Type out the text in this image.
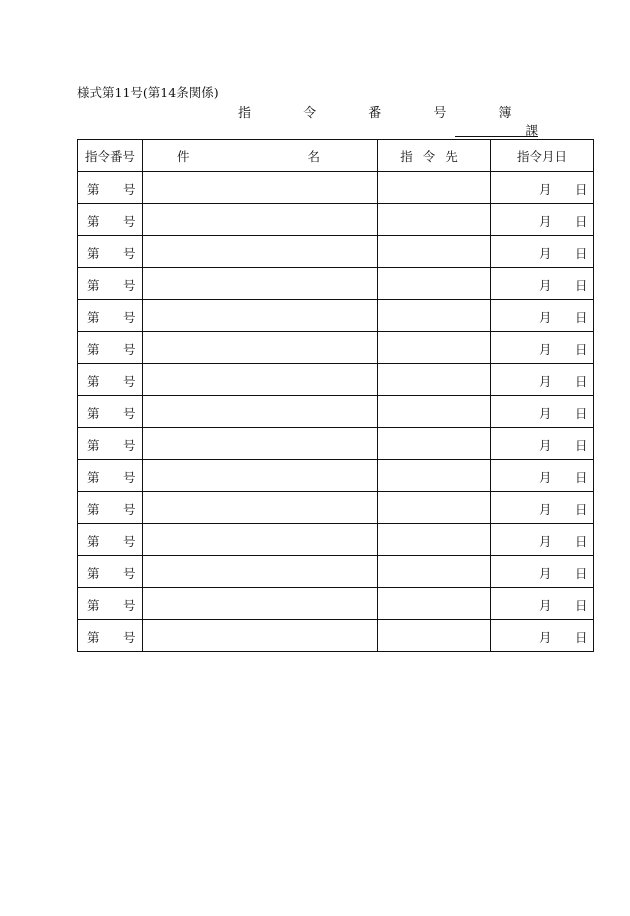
様式第11号(第14条関係)
指 令 番 号 簿
課
指令番号	件 名	指令先	指令月日

第 号			月 日

第 号			月 日

第 号			月 日

第 号			月 日

第 号			月 日

第 号			月 日

第 号			月 日

第 号			月 日

第 号			月 日

第 号			月 日

第 号			月 日

第 号			月 日

第 号			月 日

第 号			月 日

第 号			月 日
